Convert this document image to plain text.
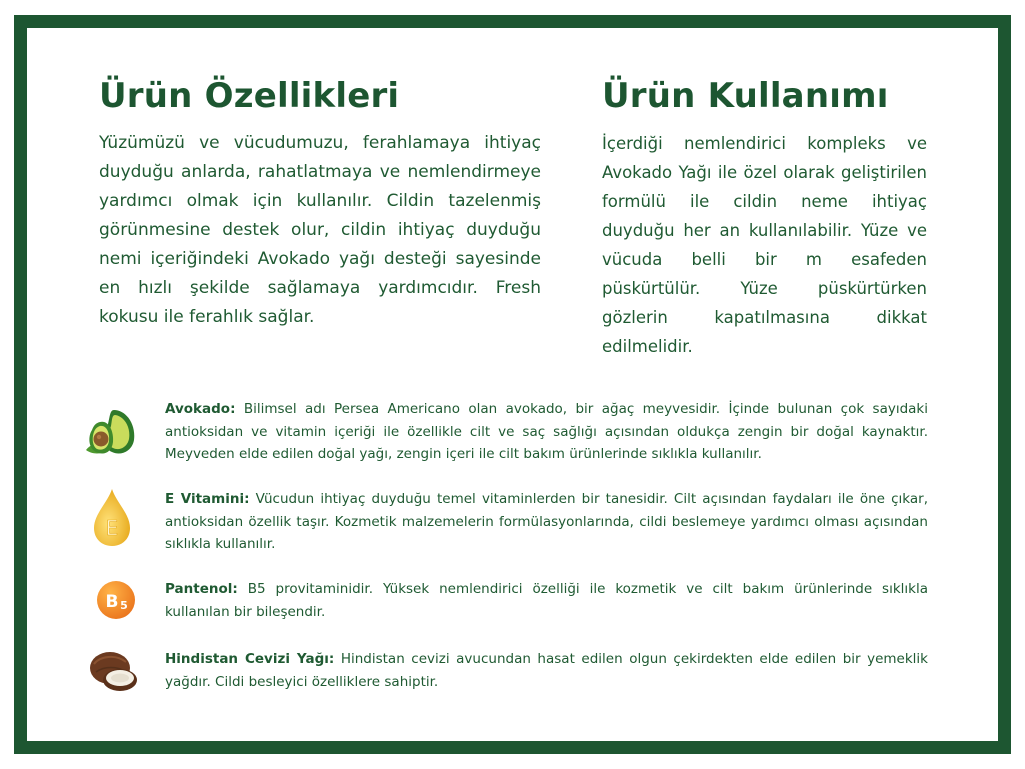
Ürün Özellikleri

Yüzümüzü ve vücudumuzu, ferahlamaya ihtiyaç duyduğu anlarda, rahatlatmaya ve nemlendirmeye yardımcı olmak için kullanılır. Cildin tazelenmiş görünmesine destek olur, cildin ihtiyaç duyduğu nemi içeriğindeki Avokado yağı desteği sayesinde en hızlı şekilde sağlamaya yardımcıdır. Fresh kokusu ile ferahlık sağlar.

Ürün Kullanımı

İçerdiği nemlendirici kompleks ve Avokado Yağı ile özel olarak geliştirilen formülü ile cildin neme ihtiyaç duyduğu her an kullanılabilir. Yüze ve vücuda belli bir m esafeden püskürtülür. Yüze püskürtürken gözlerin kapatılmasına dikkat edilmelidir.

Avokado: Bilimsel adı Persea Americano olan avokado, bir ağaç meyvesidir. İçinde bulunan çok sayıdaki antioksidan ve vitamin içeriği ile özellikle cilt ve saç sağlığı açısından oldukça zengin bir doğal kaynaktır. Meyveden elde edilen doğal yağı, zengin içeri ile cilt bakım ürünlerinde sıklıkla kullanılır.

E

E Vitamini: Vücudun ihtiyaç duyduğu temel vitaminlerden bir tanesidir. Cilt açısından faydaları ile öne çıkar, antioksidan özellik taşır. Kozmetik malzemelerin formülasyonlarında, cildi beslemeye yardımcı olması açısından sıklıkla kullanılır.

B 5

Pantenol: B5 provitaminidir. Yüksek nemlendirici özelliği ile kozmetik ve cilt bakım ürünlerinde sıklıkla kullanılan bir bileşendir.

Hindistan Cevizi Yağı: Hindistan cevizi avucundan hasat edilen olgun çekirdekten elde edilen bir yemeklik yağdır. Cildi besleyici özelliklere sahiptir.
